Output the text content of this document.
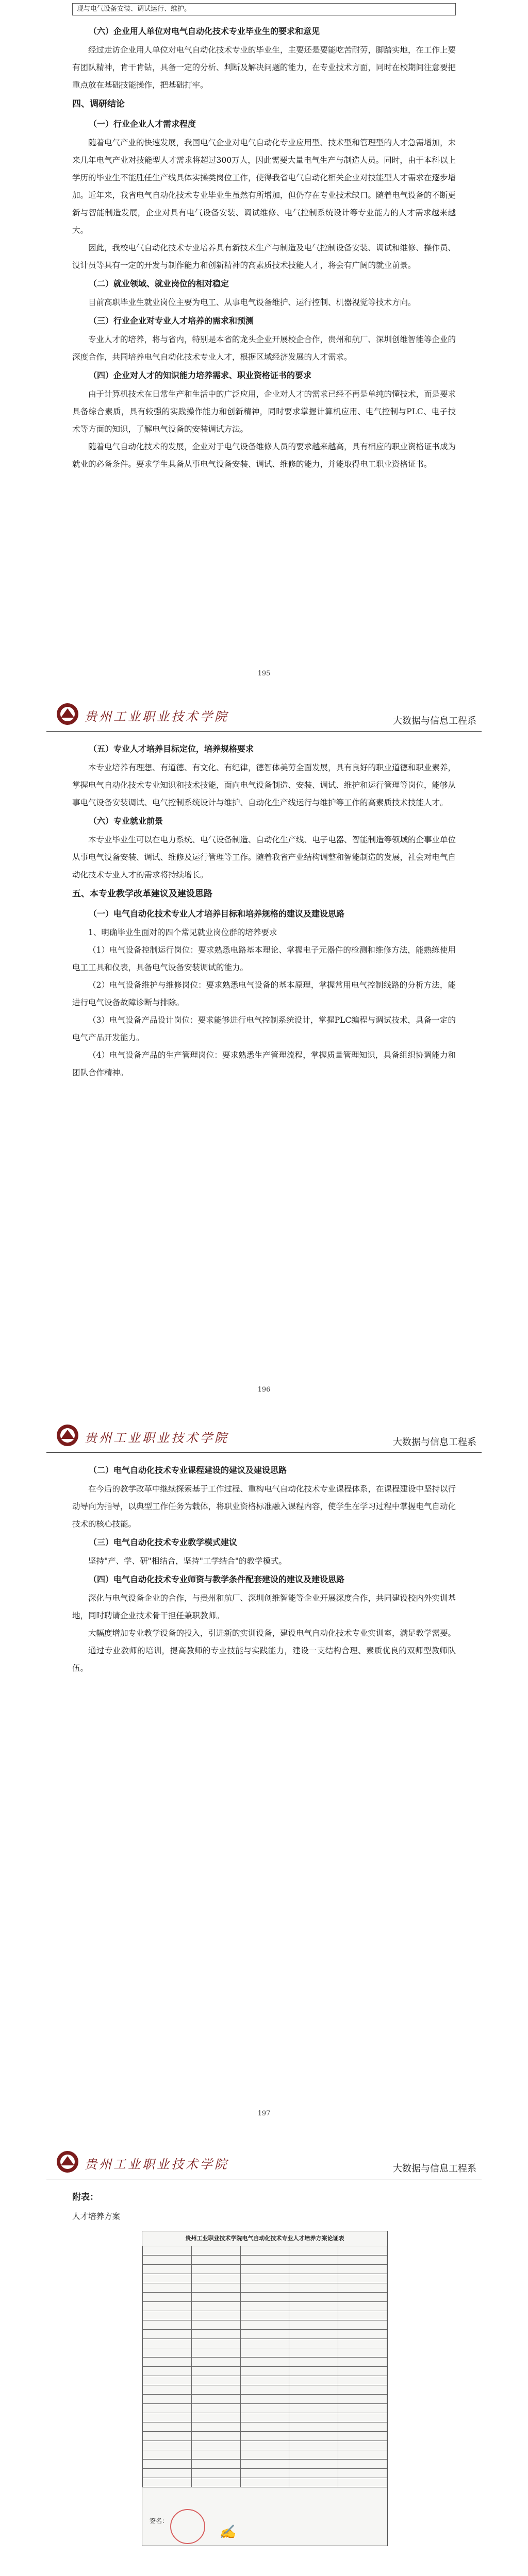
现与电气设备安装、调试运行、维护。

（六）企业用人单位对电气自动化技术专业毕业生的要求和意见

经过走访企业用人单位对电气自动化技术专业的毕业生，主要还是要能吃苦耐劳，脚踏实地，在工作上要有团队精神，肯干肯钻，具备一定的分析、判断及解决问题的能力，在专业技术方面，同时在校期间注意要把重点放在基础技能操作，把基础打牢。

四、调研结论
（一）行业企业人才需求程度

随着电气产业的快速发展，我国电气企业对电气自动化专业应用型、技术型和管理型的人才急需增加，未来几年电气产业对技能型人才需求将超过300万人，因此需要大量电气生产与制造人员。同时，由于本科以上学历的毕业生不能胜任生产线具体实操类岗位工作，使得我省电气自动化相关企业对技能型人才需求在逐步增加。近年来，我省电气自动化技术专业毕业生虽然有所增加，但仍存在专业技术缺口。随着电气设备的不断更新与智能制造发展，企业对具有电气设备安装、调试维修、电气控制系统设计等专业能力的人才需求越来越大。

因此，我校电气自动化技术专业培养具有新技术生产与制造及电气控制设备安装、调试和维修、操作员、设计员等具有一定的开发与制作能力和创新精神的高素质技术技能人才，将会有广阔的就业前景。

（二）就业领域、就业岗位的相对稳定

目前高职毕业生就业岗位主要为电工、从事电气设备维护、运行控制、机器视觉等技术方向。

（三）行业企业对专业人才培养的需求和预测

专业人才的培养，将与省内，特别是本省的龙头企业开展校企合作，贵州和航厂、深圳创维智能等企业的深度合作，共同培养电气自动化技术专业人才，根据区域经济发展的人才需求。

（四）企业对人才的知识能力培养需求、职业资格证书的要求

由于计算机技术在日常生产和生活中的广泛应用，企业对人才的需求已经不再是单纯的懂技术，而是要求具备综合素质，具有较强的实践操作能力和创新精神，同时要求掌握计算机应用、电气控制与PLC、电子技术等方面的知识，了解电气设备的安装调试方法。

随着电气自动化技术的发展，企业对于电气设备维修人员的要求越来越高，具有相应的职业资格证书成为就业的必备条件。要求学生具备从事电气设备安装、调试、维修的能力，并能取得电工职业资格证书。

195
贵州工业职业技术学院	大数据与信息工程系
（五）专业人才培养目标定位，培养规格要求

本专业培养有理想、有道德、有文化、有纪律，德智体美劳全面发展，具有良好的职业道德和职业素养，掌握电气自动化技术专业知识和技术技能，面向电气设备制造、安装、调试、维护和运行管理等岗位，能够从事电气设备安装调试、电气控制系统设计与维护、自动化生产线运行与维护等工作的高素质技术技能人才。

（六）专业就业前景

本专业毕业生可以在电力系统、电气设备制造、自动化生产线、电子电器、智能制造等领域的企事业单位从事电气设备安装、调试、维修及运行管理等工作。随着我省产业结构调整和智能制造的发展，社会对电气自动化技术专业人才的需求将持续增长。

五、本专业教学改革建议及建设思路
（一）电气自动化技术专业人才培养目标和培养规格的建议及建设思路

1、明确毕业生面对的四个常见就业岗位群的培养要求

（1）电气设备控制运行岗位：要求熟悉电路基本理论、掌握电子元器件的检测和维修方法，能熟练使用电工工具和仪表，具备电气设备安装调试的能力。

（2）电气设备维护与维修岗位：要求熟悉电气设备的基本原理，掌握常用电气控制线路的分析方法，能进行电气设备故障诊断与排除。

（3）电气设备产品设计岗位：要求能够进行电气控制系统设计，掌握PLC编程与调试技术，具备一定的电气产品开发能力。

（4）电气设备产品的生产管理岗位：要求熟悉生产管理流程，掌握质量管理知识，具备组织协调能力和团队合作精神。

196
贵州工业职业技术学院	大数据与信息工程系
（二）电气自动化技术专业课程建设的建议及建设思路

在今后的教学改革中继续探索基于工作过程、重构电气自动化技术专业课程体系，在课程建设中坚持以行动导向为指导，以典型工作任务为载体，将职业资格标准融入课程内容，使学生在学习过程中掌握电气自动化技术的核心技能。

（三）电气自动化技术专业教学模式建议

坚持"产、学、研"相结合，坚持"工学结合"的教学模式。

（四）电气自动化技术专业师资与教学条件配套建设的建议及建设思路

深化与电气设备企业的合作，与贵州和航厂、深圳创维智能等企业开展深度合作，共同建设校内外实训基地，同时聘请企业技术骨干担任兼职教师。

大幅度增加专业教学设备的投入，引进新的实训设备，建设电气自动化技术专业实训室，满足教学需要。

通过专业教师的培训，提高教师的专业技能与实践能力，建设一支结构合理、素质优良的双师型教师队伍。

197
贵州工业职业技术学院	大数据与信息工程系
附表：

人才培养方案

贵州工业职业技术学院电气自动化技术专业人才培养方案论证表

签名：
✍
